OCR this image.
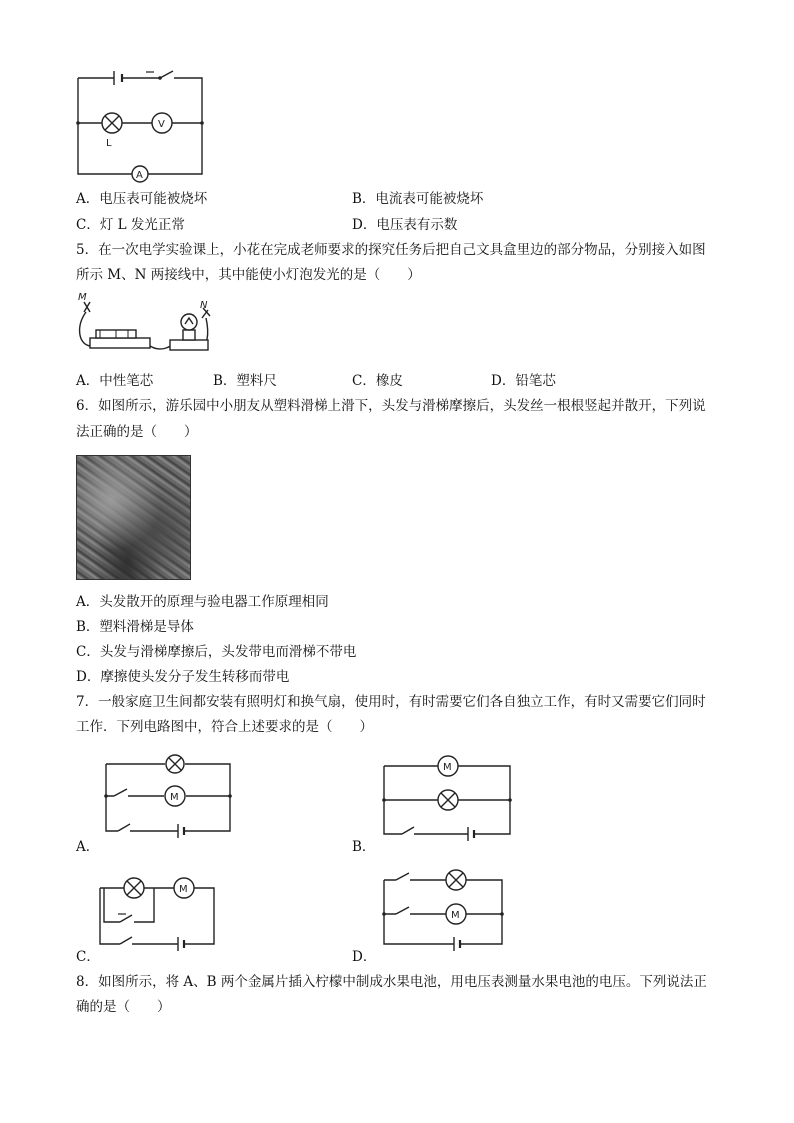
V
L
A
A．电压表可能被烧坏	B．电流表可能被烧坏
C．灯 L 发光正常	D．电压表有示数
5．在一次电学实验课上，小花在完成老师要求的探究任务后把自己文具盒里边的部分物品，分别接入如图
所示 M、N 两接线中，其中能使小灯泡发光的是（　　）
M
N
A．中性笔芯	B．塑料尺	C．橡皮	D．铅笔芯
6．如图所示，游乐园中小朋友从塑料滑梯上滑下，头发与滑梯摩擦后，头发丝一根根竖起并散开，下列说
法正确的是（　　）
A．头发散开的原理与验电器工作原理相同
B．塑料滑梯是导体
C．头发与滑梯摩擦后，头发带电而滑梯不带电
D．摩擦使头发分子发生转移而带电
7．一般家庭卫生间都安装有照明灯和换气扇，使用时，有时需要它们各自独立工作，有时又需要它们同时
工作．下列电路图中，符合上述要求的是（　　）
M
A．
M
B．
M
C．
M
D．
8．如图所示，将 A、B 两个金属片插入柠檬中制成水果电池，用电压表测量水果电池的电压。下列说法正
确的是（　　）
